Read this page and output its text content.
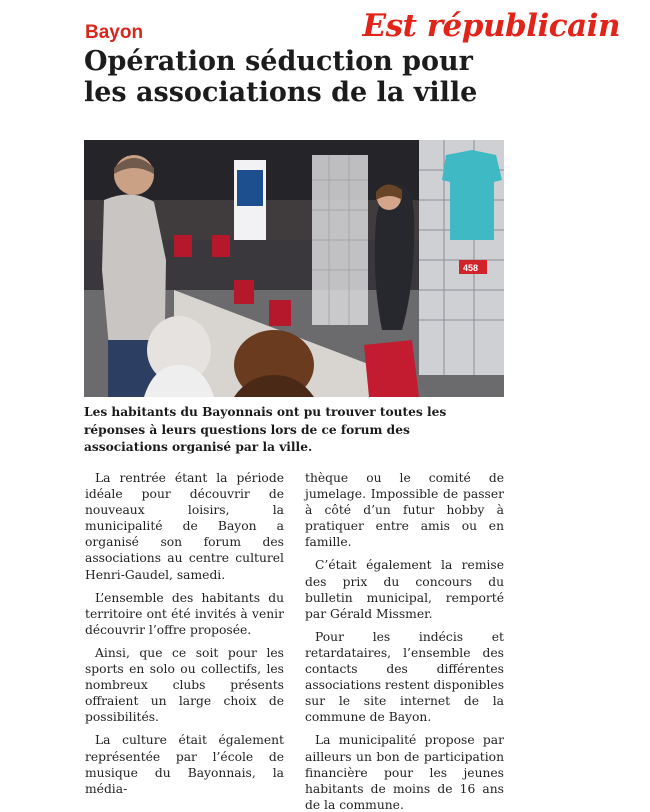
Bayon	Est républicain
Opération séduction pour les associations de la ville
458

Les habitants du Bayonnais ont pu trouver toutes les réponses à leurs questions lors de ce forum des associations organisé par la ville.

La rentrée étant la période idéale pour découvrir de nouveaux loisirs, la municipalité de Bayon a organisé son forum des associations au centre culturel Henri-Gaudel, samedi.

L’ensemble des habitants du territoire ont été invités à venir découvrir l’offre proposée.

Ainsi, que ce soit pour les sports en solo ou collectifs, les nombreux clubs présents offraient un large choix de possibilités.

La culture était également représentée par l’école de musique du Bayonnais, la média-

thèque ou le comité de jumelage. Impossible de passer à côté d’un futur hobby à pratiquer entre amis ou en famille.

C’était également la remise des prix du concours du bulletin municipal, remporté par Gérald Missmer.

Pour les indécis et retardataires, l’ensemble des contacts des différentes associations restent disponibles sur le site internet de la commune de Bayon.

La municipalité propose par ailleurs un bon de participation financière pour les jeunes habitants de moins de 16 ans de la commune.
